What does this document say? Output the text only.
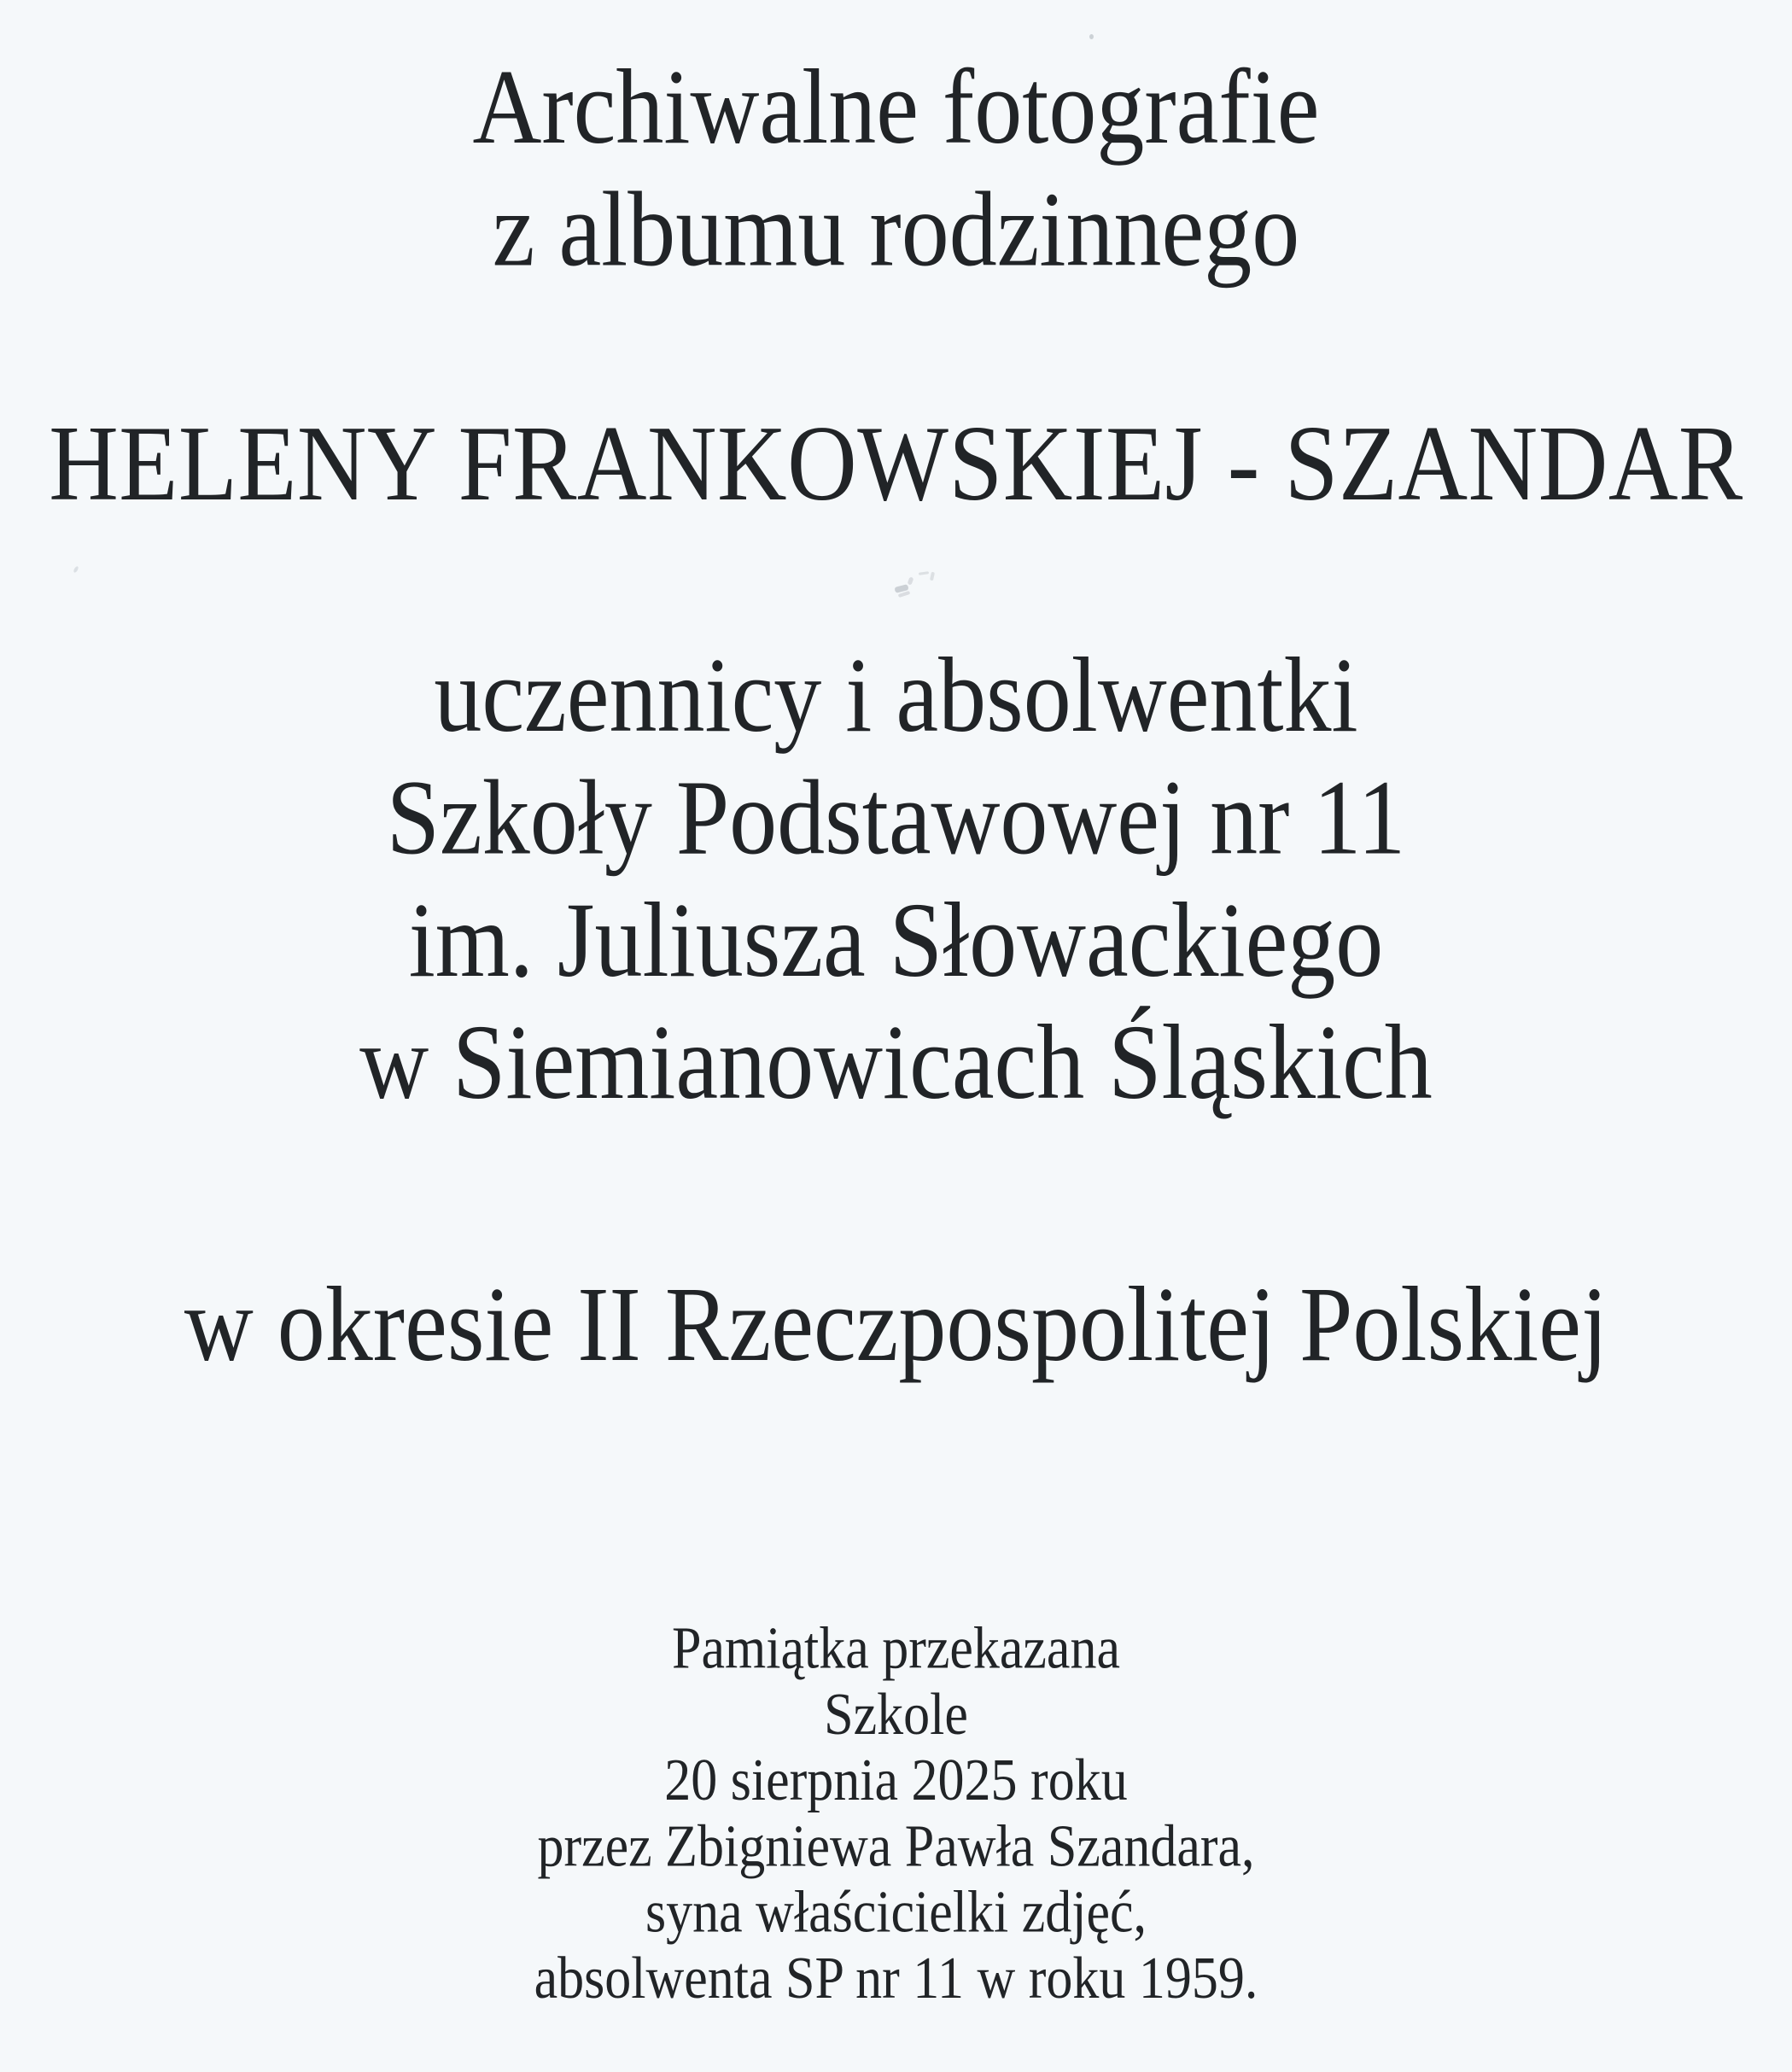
Archiwalne fotografie
z albumu rodzinnego
HELENY FRANKOWSKIEJ - SZANDAR
uczennicy i absolwentki
Szkoły Podstawowej nr 11
im. Juliusza Słowackiego
w Siemianowicach Śląskich
w okresie II Rzeczpospolitej Polskiej
Pamiątka przekazana
Szkole
20 sierpnia 2025 roku
przez Zbigniewa Pawła Szandara,
syna właścicielki zdjęć,
absolwenta SP nr 11 w roku 1959.
